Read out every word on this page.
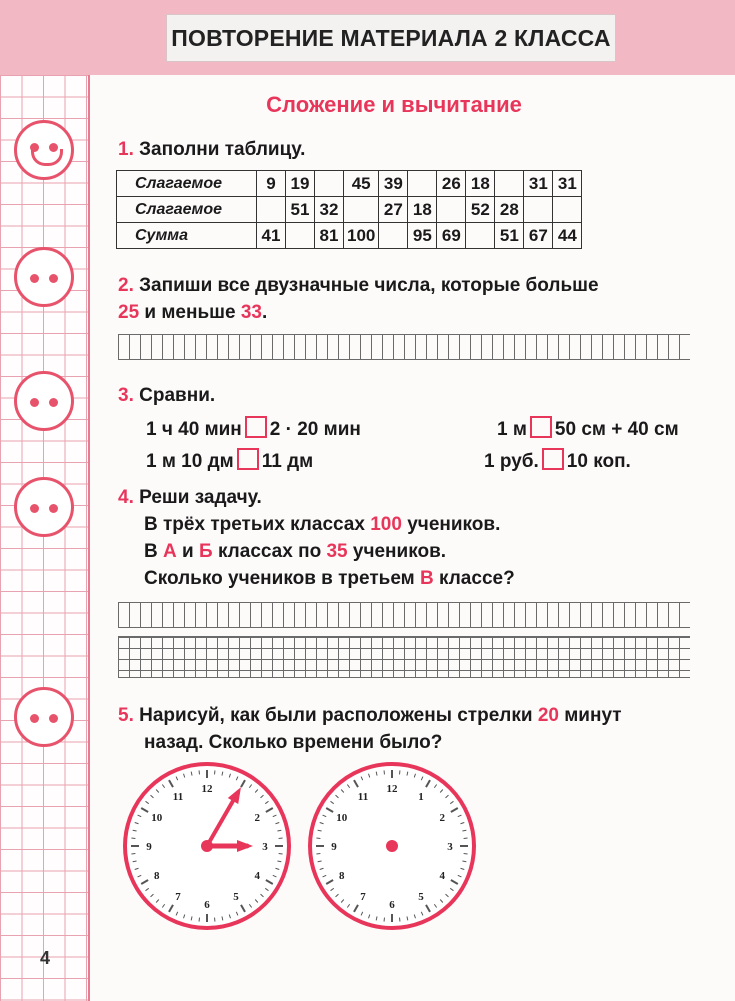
ПОВТОРЕНИЕ МАТЕРИАЛА 2 КЛАССА
4
Сложение и вычитание
1. Заполни таблицу.
Слагаемое	9	19		45	39		26	18		31	31
Слагаемое		51	32		27	18		52	28		
Сумма	41		81	100		95	69		51	67	44
2. Запиши все двузначные числа, которые больше
25 и меньше 33.
3. Сравни.
1 ч 40 мин 2 · 20 мин
1 м 10 дм 11 дм
1 м 50 см + 40 см
1 руб. 10 коп.
4. Реши задачу.
В трёх третьих классах 100 учеников.
В А и Б классах по 35 учеников.
Сколько учеников в третьем В классе?
5. Нарисуй, как были расположены стрелки 20 минут
назад. Сколько времени было?
12
2
3
4
5
6
7
8
9
10
11
12
1
2
3
4
5
6
7
8
9
10
11
